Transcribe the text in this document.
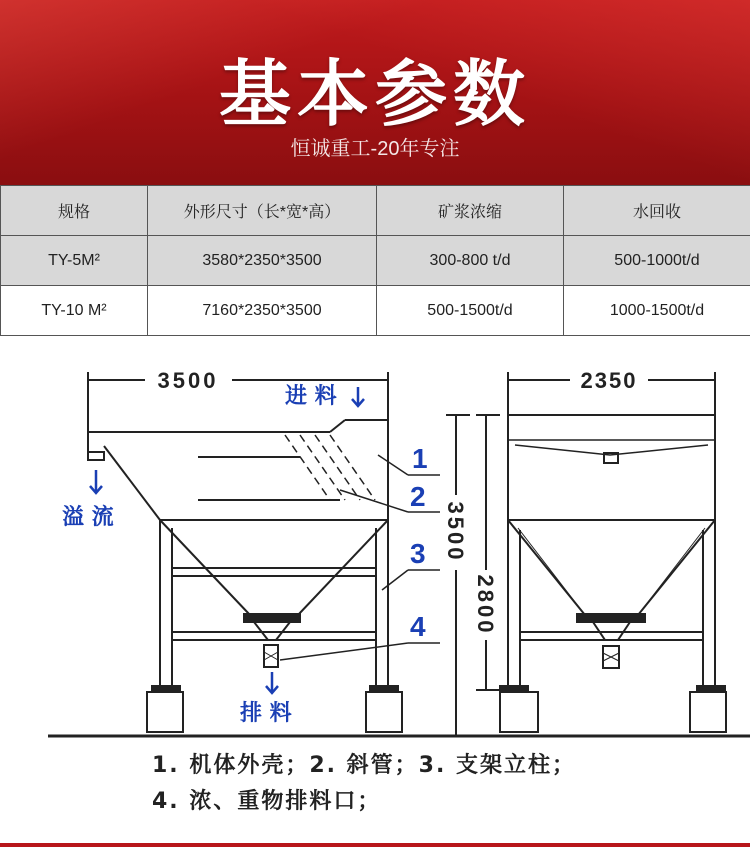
基本参数
恒诚重工-20年专注
规格	外形尺寸（长*宽*高）	矿浆浓缩	水回收
TY-5M²	3580*2350*3500	300-800 t/d	500-1000t/d
TY-10 M²	7160*2350*3500	500-1500t/d	1000-1500t/d
3500	2350
3500
2800
进 料
溢 流
排 料
1
2
3
4
1. 机体外壳；2. 斜管；3. 支架立柱；
4. 浓、重物排料口；
